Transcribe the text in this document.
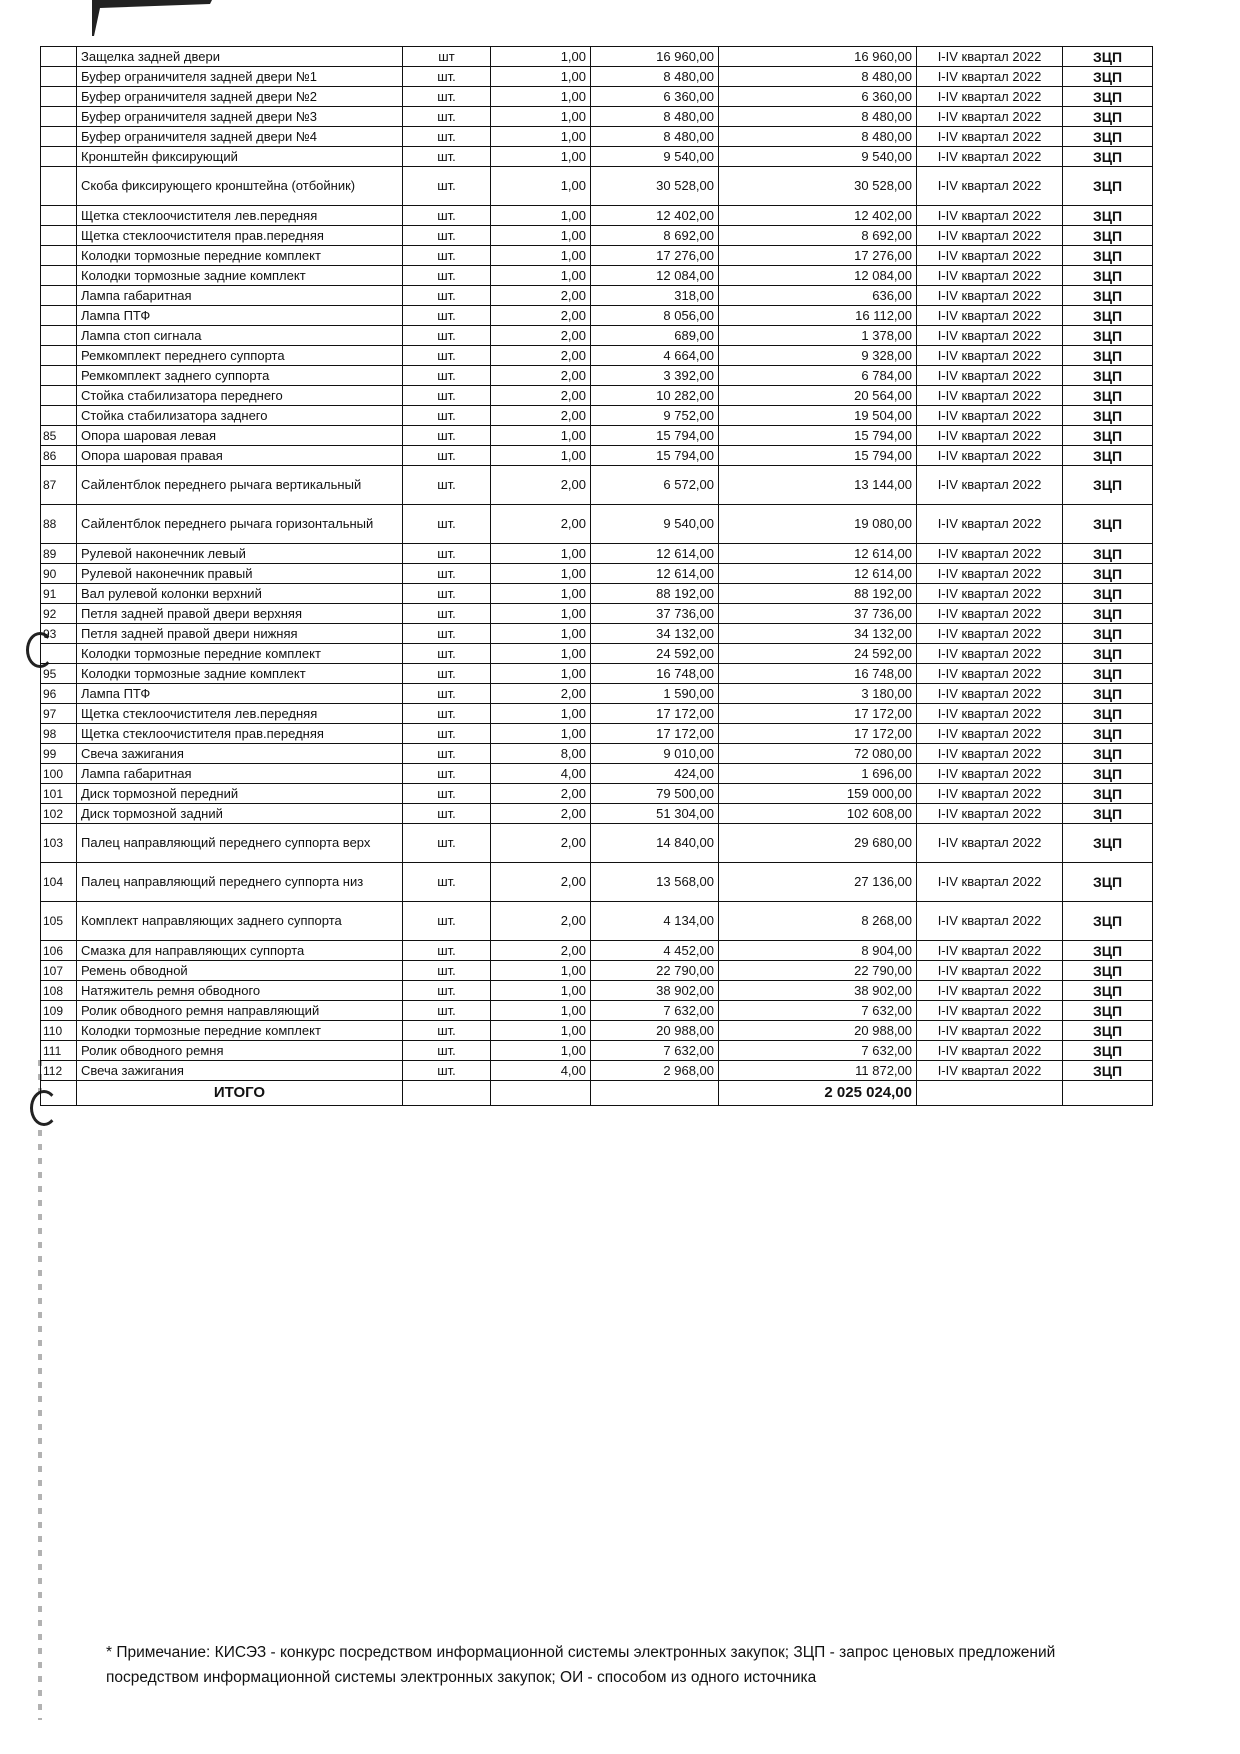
	Защелка задней двери	шт	1,00	16 960,00	16 960,00	I-IV квартал 2022	ЗЦП
	Буфер ограничителя задней двери №1	шт.	1,00	8 480,00	8 480,00	I-IV квартал 2022	ЗЦП
	Буфер ограничителя задней двери №2	шт.	1,00	6 360,00	6 360,00	I-IV квартал 2022	ЗЦП
	Буфер ограничителя задней двери №3	шт.	1,00	8 480,00	8 480,00	I-IV квартал 2022	ЗЦП
	Буфер ограничителя задней двери №4	шт.	1,00	8 480,00	8 480,00	I-IV квартал 2022	ЗЦП
	Кронштейн фиксирующий	шт.	1,00	9 540,00	9 540,00	I-IV квартал 2022	ЗЦП
	Скоба фиксирующего кронштейна (отбойник)	шт.	1,00	30 528,00	30 528,00	I-IV квартал 2022	ЗЦП
	Щетка стеклоочистителя лев.передняя	шт.	1,00	12 402,00	12 402,00	I-IV квартал 2022	ЗЦП
	Щетка стеклоочистителя прав.передняя	шт.	1,00	8 692,00	8 692,00	I-IV квартал 2022	ЗЦП
	Колодки тормозные передние комплект	шт.	1,00	17 276,00	17 276,00	I-IV квартал 2022	ЗЦП
	Колодки тормозные задние комплект	шт.	1,00	12 084,00	12 084,00	I-IV квартал 2022	ЗЦП
	Лампа габаритная	шт.	2,00	318,00	636,00	I-IV квартал 2022	ЗЦП
	Лампа ПТФ	шт.	2,00	8 056,00	16 112,00	I-IV квартал 2022	ЗЦП
	Лампа стоп сигнала	шт.	2,00	689,00	1 378,00	I-IV квартал 2022	ЗЦП
	Ремкомплект переднего суппорта	шт.	2,00	4 664,00	9 328,00	I-IV квартал 2022	ЗЦП
	Ремкомплект заднего суппорта	шт.	2,00	3 392,00	6 784,00	I-IV квартал 2022	ЗЦП
	Стойка стабилизатора переднего	шт.	2,00	10 282,00	20 564,00	I-IV квартал 2022	ЗЦП
	Стойка стабилизатора заднего	шт.	2,00	9 752,00	19 504,00	I-IV квартал 2022	ЗЦП
85	Опора шаровая левая	шт.	1,00	15 794,00	15 794,00	I-IV квартал 2022	ЗЦП
86	Опора шаровая правая	шт.	1,00	15 794,00	15 794,00	I-IV квартал 2022	ЗЦП
87	Сайлентблок переднего рычага вертикальный	шт.	2,00	6 572,00	13 144,00	I-IV квартал 2022	ЗЦП
88	Сайлентблок переднего рычага горизонтальный	шт.	2,00	9 540,00	19 080,00	I-IV квартал 2022	ЗЦП
89	Рулевой наконечник левый	шт.	1,00	12 614,00	12 614,00	I-IV квартал 2022	ЗЦП
90	Рулевой наконечник правый	шт.	1,00	12 614,00	12 614,00	I-IV квартал 2022	ЗЦП
91	Вал рулевой колонки верхний	шт.	1,00	88 192,00	88 192,00	I-IV квартал 2022	ЗЦП
92	Петля задней правой двери верхняя	шт.	1,00	37 736,00	37 736,00	I-IV квартал 2022	ЗЦП
93	Петля задней правой двери нижняя	шт.	1,00	34 132,00	34 132,00	I-IV квартал 2022	ЗЦП
	Колодки тормозные передние комплект	шт.	1,00	24 592,00	24 592,00	I-IV квартал 2022	ЗЦП
95	Колодки тормозные задние комплект	шт.	1,00	16 748,00	16 748,00	I-IV квартал 2022	ЗЦП
96	Лампа ПТФ	шт.	2,00	1 590,00	3 180,00	I-IV квартал 2022	ЗЦП
97	Щетка стеклоочистителя лев.передняя	шт.	1,00	17 172,00	17 172,00	I-IV квартал 2022	ЗЦП
98	Щетка стеклоочистителя прав.передняя	шт.	1,00	17 172,00	17 172,00	I-IV квартал 2022	ЗЦП
99	Свеча зажигания	шт.	8,00	9 010,00	72 080,00	I-IV квартал 2022	ЗЦП
100	Лампа габаритная	шт.	4,00	424,00	1 696,00	I-IV квартал 2022	ЗЦП
101	Диск тормозной передний	шт.	2,00	79 500,00	159 000,00	I-IV квартал 2022	ЗЦП
102	Диск тормозной задний	шт.	2,00	51 304,00	102 608,00	I-IV квартал 2022	ЗЦП
103	Палец направляющий переднего суппорта верх	шт.	2,00	14 840,00	29 680,00	I-IV квартал 2022	ЗЦП
104	Палец направляющий переднего суппорта низ	шт.	2,00	13 568,00	27 136,00	I-IV квартал 2022	ЗЦП
105	Комплект направляющих заднего суппорта	шт.	2,00	4 134,00	8 268,00	I-IV квартал 2022	ЗЦП
106	Смазка для направляющих суппорта	шт.	2,00	4 452,00	8 904,00	I-IV квартал 2022	ЗЦП
107	Ремень обводной	шт.	1,00	22 790,00	22 790,00	I-IV квартал 2022	ЗЦП
108	Натяжитель ремня обводного	шт.	1,00	38 902,00	38 902,00	I-IV квартал 2022	ЗЦП
109	Ролик обводного ремня направляющий	шт.	1,00	7 632,00	7 632,00	I-IV квартал 2022	ЗЦП
110	Колодки тормозные передние комплект	шт.	1,00	20 988,00	20 988,00	I-IV квартал 2022	ЗЦП
111	Ролик обводного ремня	шт.	1,00	7 632,00	7 632,00	I-IV квартал 2022	ЗЦП
112	Свеча зажигания	шт.	4,00	2 968,00	11 872,00	I-IV квартал 2022	ЗЦП
	ИТОГО				2 025 024,00		
* Примечание: КИСЭЗ - конкурс посредством информационной системы электронных закупок; ЗЦП - запрос ценовых предложений посредством информационной системы электронных закупок; ОИ - способом из одного источника
